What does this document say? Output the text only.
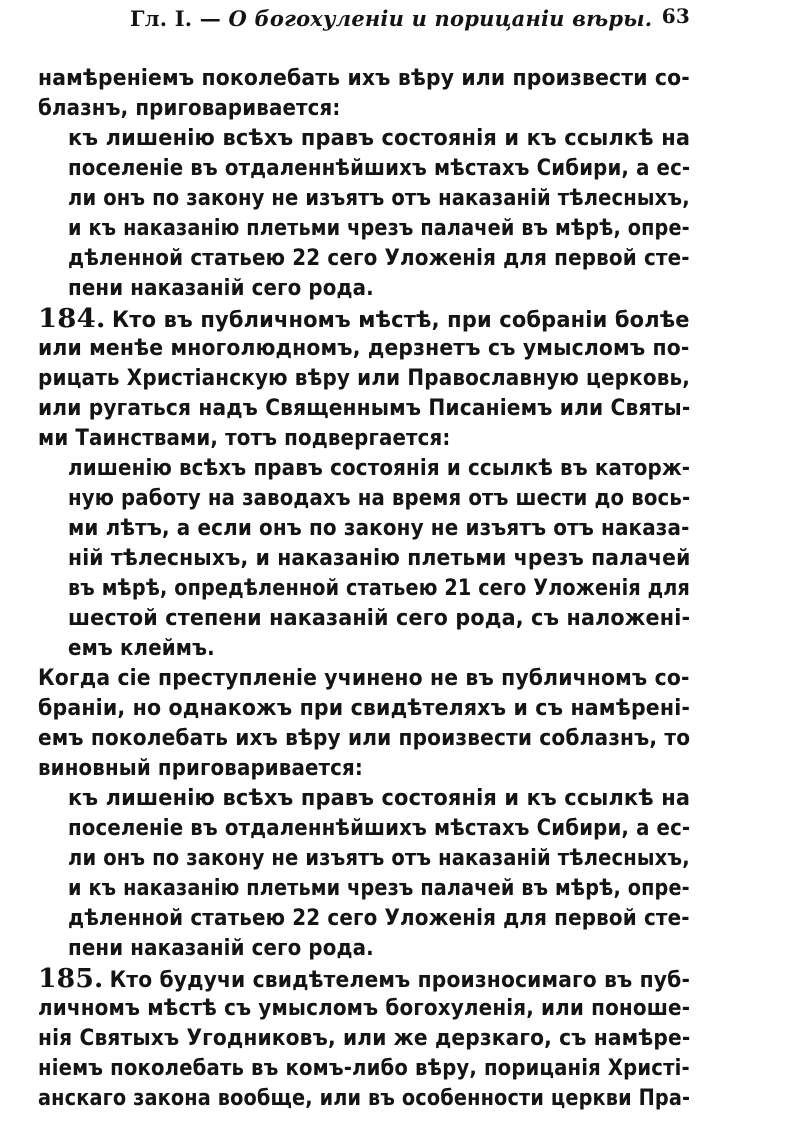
Гл. I. — О богохуленіи и порицаніи вѣры. 63
намѣреніемъ поколебать ихъ вѣру или произвести со-
блазнъ, приговаривается:
къ лишенію всѣхъ правъ состоянія и къ ссылкѣ на
поселеніе въ отдаленнѣйшихъ мѣстахъ Сибири, а ес-
ли онъ по закону не изъятъ отъ наказаній тѣлесныхъ,
и къ наказанію плетьми чрезъ палачей въ мѣрѣ, опре-
дѣленной статьею 22 сего Уложенія для первой сте-
пени наказаній сего рода.
184. Кто въ публичномъ мѣстѣ, при собраніи болѣе
или менѣе многолюдномъ, дерзнетъ съ умысломъ по-
рицать Христіанскую вѣру или Православную церковь,
или ругаться надъ Священнымъ Писаніемъ или Святы-
ми Таинствами, тотъ подвергается:
лишенію всѣхъ правъ состоянія и ссылкѣ въ каторж-
ную работу на заводахъ на время отъ шести до вось-
ми лѣтъ, а если онъ по закону не изъятъ отъ наказа-
ній тѣлесныхъ, и наказанію плетьми чрезъ палачей
въ мѣрѣ, опредѣленной статьею 21 сего Уложенія для
шестой степени наказаній сего рода, съ наложені-
емъ клеймъ.
Когда сіе преступленіе учинено не въ публичномъ со-
браніи, но однакожъ при свидѣтеляхъ и съ намѣрені-
емъ поколебать ихъ вѣру или произвести соблазнъ, то
виновный приговаривается:
къ лишенію всѣхъ правъ состоянія и къ ссылкѣ на
поселеніе въ отдаленнѣйшихъ мѣстахъ Сибири, а ес-
ли онъ по закону не изъятъ отъ наказаній тѣлесныхъ,
и къ наказанію плетьми чрезъ палачей въ мѣрѣ, опре-
дѣленной статьею 22 сего Уложенія для первой сте-
пени наказаній сего рода.
185. Кто будучи свидѣтелемъ произносимаго въ пуб-
личномъ мѣстѣ съ умысломъ богохуленія, или поноше-
нія Святыхъ Угодниковъ, или же дерзкаго, съ намѣре-
ніемъ поколебать въ комъ-либо вѣру, порицанія Христі-
анскаго закона вообще, или въ особенности церкви Пра-
